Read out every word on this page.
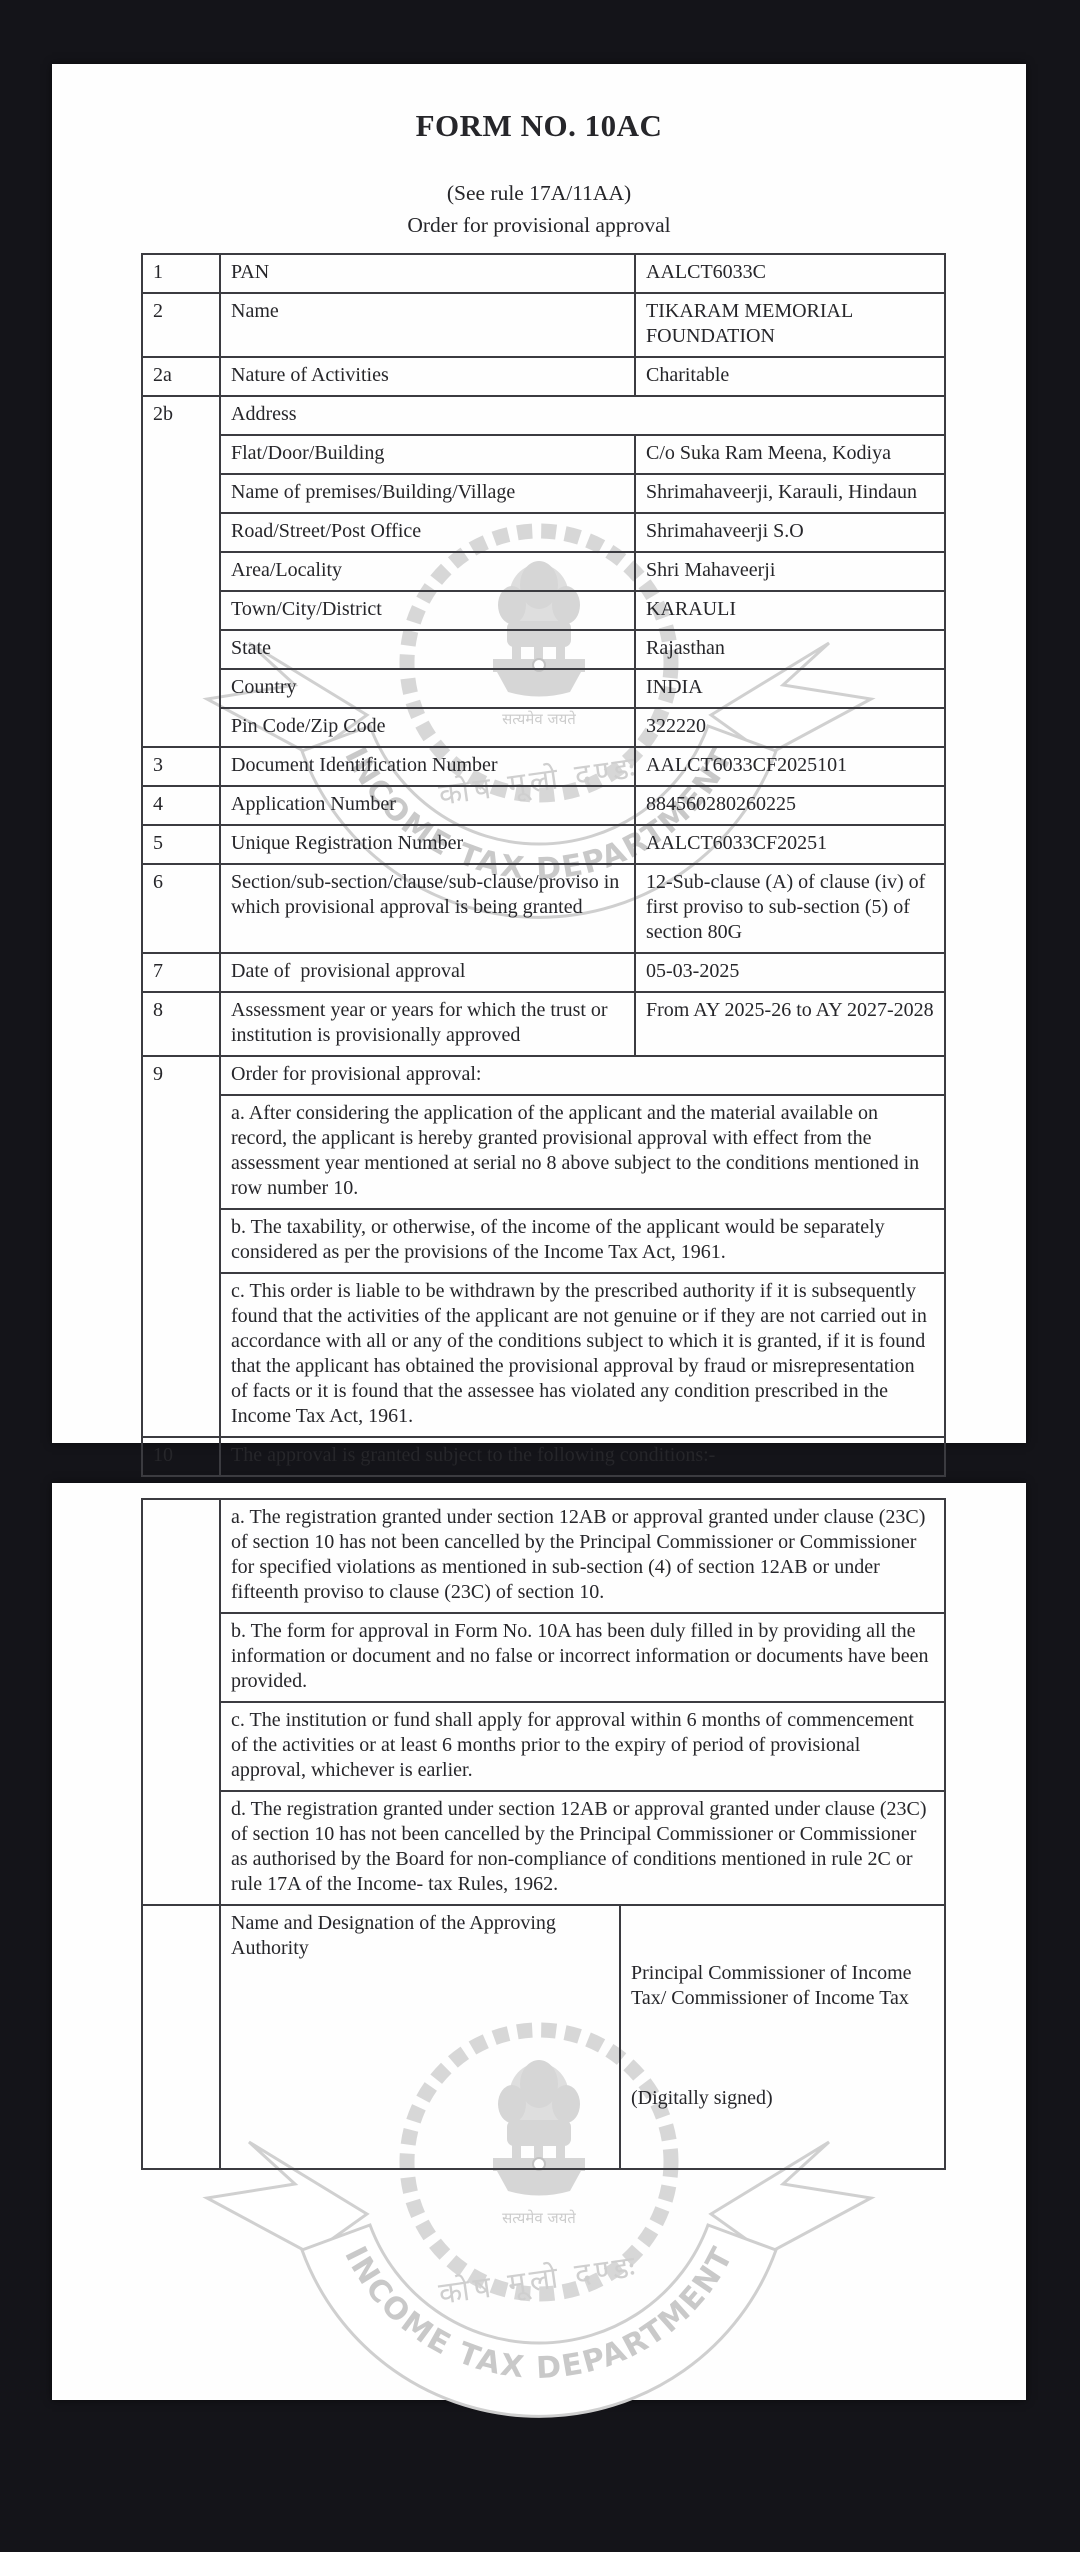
FORM NO. 10AC
(See rule 17A/11AA)
Order for provisional approval
1	PAN	AALCT6033C
2	Name	TIKARAM MEMORIAL FOUNDATION
2a	Nature of Activities	Charitable
2b	Address	
	Flat/Door/Building	C/o Suka Ram Meena, Kodiya
	Name of premises/Building/Village	Shrimahaveerji, Karauli, Hindaun
	Road/Street/Post Office	Shrimahaveerji S.O
	Area/Locality	Shri Mahaveerji
	Town/City/District	KARAULI
	State	Rajasthan
	Country	INDIA
	Pin Code/Zip Code	322220
3	Document Identification Number	AALCT6033CF2025101
4	Application Number	884560280260225
5	Unique Registration Number	AALCT6033CF20251
6	Section/sub-section/clause/sub-clause/proviso in which provisional approval is being granted	12-Sub-clause (A) of clause (iv) of first proviso to sub-section (5) of section 80G
7	Date of  provisional approval	05-03-2025
8	Assessment year or years for which the trust or institution is provisionally approved	From AY 2025-26 to AY 2027-2028
9	Order for provisional approval:	
	a. After considering the application of the applicant and the material available on record, the applicant is hereby granted provisional approval with effect from the assessment year mentioned at serial no 8 above subject to the conditions mentioned in row number 10.	
	b. The taxability, or otherwise, of the income of the applicant would be separately considered as per the provisions of the Income Tax Act, 1961.	
	c. This order is liable to be withdrawn by the prescribed authority if it is subsequently found that the activities of the applicant are not genuine or if they are not carried out in accordance with all or any of the conditions subject to which it is granted, if it is found that the applicant has obtained the provisional approval by fraud or misrepresentation of facts or it is found that the assessee has violated any condition prescribed in the Income Tax Act, 1961.	
10	The approval is granted subject to the following conditions:-	
	a. The registration granted under section 12AB or approval granted under clause (23C) of section 10 has not been cancelled by the Principal Commissioner or Commissioner for specified violations as mentioned in sub-section (4) of section 12AB or under fifteenth proviso to clause (23C) of section 10.	
	b. The form for approval in Form No. 10A has been duly filled in by providing all the information or document and no false or incorrect information or documents have been provided.	
	c. The institution or fund shall apply for approval within 6 months of commencement of the activities or at least 6 months prior to the expiry of period of provisional approval, whichever is earlier.	
	d. The registration granted under section 12AB or approval granted under clause (23C) of section 10 has not been cancelled by the Principal Commissioner or Commissioner as authorised by the Board for non-compliance of conditions mentioned in rule 2C or rule 17A of the Income- tax Rules, 1962.	
	Name and Designation of the Approving Authority	Principal Commissioner of Income Tax/ Commissioner of Income Tax

(Digitally signed)
